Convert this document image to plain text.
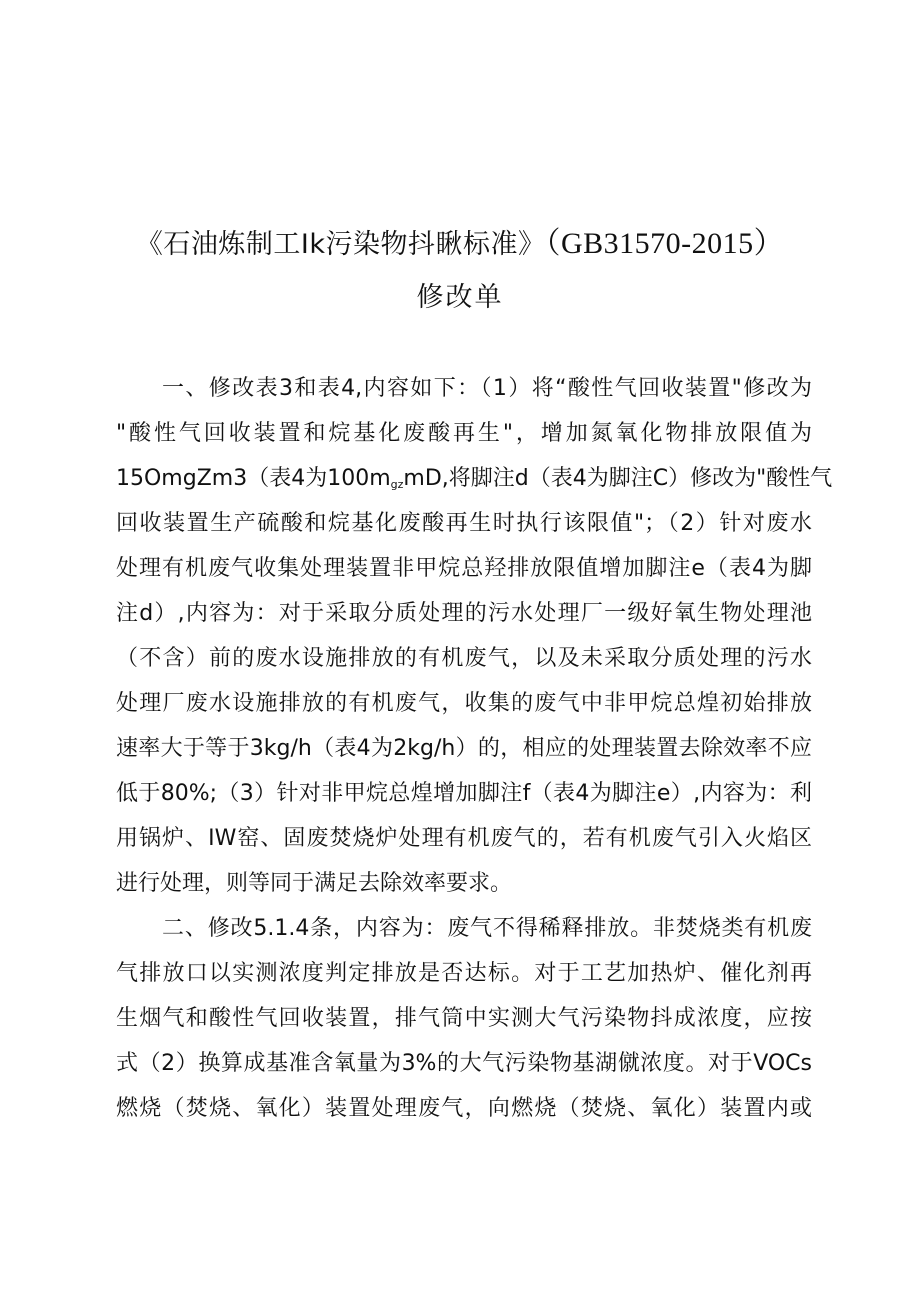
《石油炼制工Ik污染物抖瞅标准》（GB31570-2015）
修改单
一、修改表3和表4,内容如下：（1）将“酸性气回收装置"修改为
"酸性气回收装置和烷基化废酸再生"，增加氮氧化物排放限值为
15OmgZm3（表4为$100m_{gz}mD$,将脚注d（表4为脚注C）修改为"酸性气
回收装置生产硫酸和烷基化废酸再生时执行该限值"；（2）针对废水
处理有机废气收集处理装置非甲烷总羟排放限值增加脚注e（表4为脚
注d）,内容为：对于采取分质处理的污水处理厂一级好氧生物处理池
（不含）前的废水设施排放的有机废气，以及未采取分质处理的污水
处理厂废水设施排放的有机废气，收集的废气中非甲烷总煌初始排放
速率大于等于3kg/h（表4为2kg/h）的，相应的处理装置去除效率不应
低于80%;（3）针对非甲烷总煌增加脚注f（表4为脚注e）,内容为：利
用锅炉、IW窑、固废焚烧炉处理有机废气的，若有机废气引入火焰区
进行处理，则等同于满足去除效率要求。
二、修改5.1.4条，内容为：废气不得稀释排放。非焚烧类有机废
气排放口以实测浓度判定排放是否达标。对于工艺加热炉、催化剂再
生烟气和酸性气回收装置，排气筒中实测大气污染物抖成浓度，应按
式（2）换算成基准含氧量为3%的大气污染物基湖僦浓度。对于VOCs
燃烧（焚烧、氧化）装置处理废气，向燃烧（焚烧、氧化）装置内或
